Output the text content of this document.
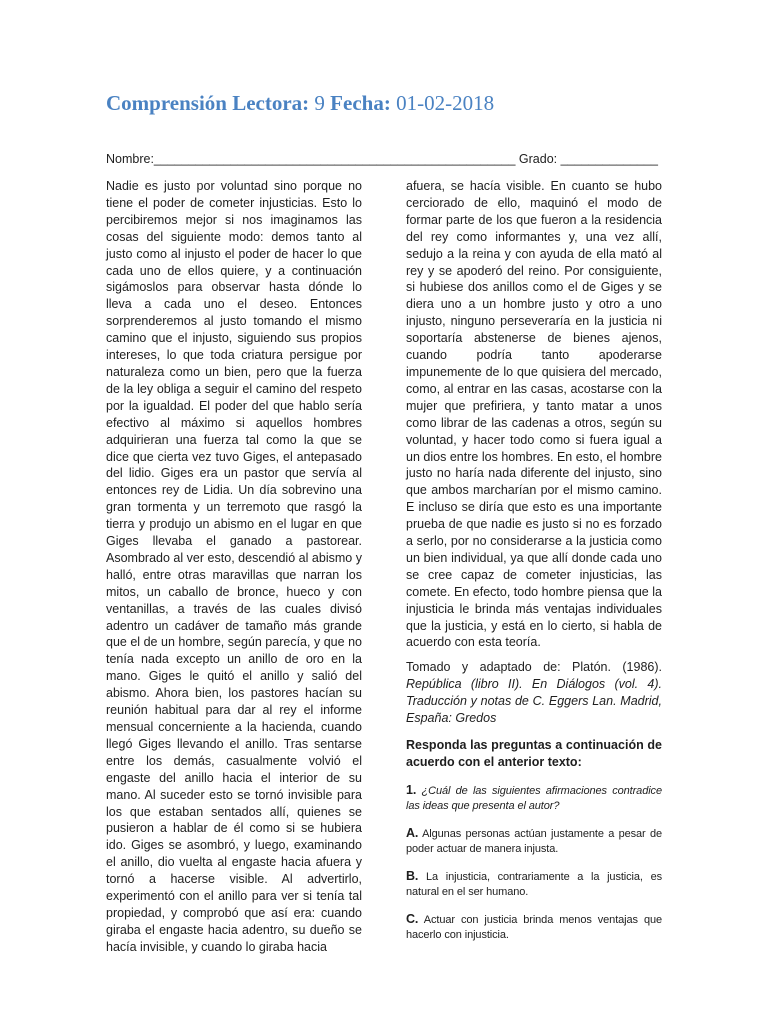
Comprensión Lectora: 9 Fecha: 01-02-2018

Nombre:____________________________________________________ Grado: ______________

Nadie es justo por voluntad sino porque no tiene el poder de cometer injusticias. Esto lo percibiremos mejor si nos imaginamos las cosas del siguiente modo: demos tanto al justo como al injusto el poder de hacer lo que cada uno de ellos quiere, y a continuación sigámoslos para observar hasta dónde lo lleva a cada uno el deseo. Entonces sorprenderemos al justo tomando el mismo camino que el injusto, siguiendo sus propios intereses, lo que toda criatura persigue por naturaleza como un bien, pero que la fuerza de la ley obliga a seguir el camino del respeto por la igualdad. El poder del que hablo sería efectivo al máximo si aquellos hombres adquirieran una fuerza tal como la que se dice que cierta vez tuvo Giges, el antepasado del lidio. Giges era un pastor que servía al entonces rey de Lidia. Un día sobrevino una gran tormenta y un terremoto que rasgó la tierra y produjo un abismo en el lugar en que Giges llevaba el ganado a pastorear. Asombrado al ver esto, descendió al abismo y halló, entre otras maravillas que narran los mitos, un caballo de bronce, hueco y con ventanillas, a través de las cuales divisó adentro un cadáver de tamaño más grande que el de un hombre, según parecía, y que no tenía nada excepto un anillo de oro en la mano. Giges le quitó el anillo y salió del abismo. Ahora bien, los pastores hacían su reunión habitual para dar al rey el informe mensual concerniente a la hacienda, cuando llegó Giges llevando el anillo. Tras sentarse entre los demás, casualmente volvió el engaste del anillo hacia el interior de su mano. Al suceder esto se tornó invisible para los que estaban sentados allí, quienes se pusieron a hablar de él como si se hubiera ido. Giges se asombró, y luego, examinando el anillo, dio vuelta al engaste hacia afuera y tornó a hacerse visible. Al advertirlo, experimentó con el anillo para ver si tenía tal propiedad, y comprobó que así era: cuando giraba el engaste hacia adentro, su dueño se hacía invisible, y cuando lo giraba hacia

afuera, se hacía visible. En cuanto se hubo cerciorado de ello, maquinó el modo de formar parte de los que fueron a la residencia del rey como informantes y, una vez allí, sedujo a la reina y con ayuda de ella mató al rey y se apoderó del reino. Por consiguiente, si hubiese dos anillos como el de Giges y se diera uno a un hombre justo y otro a uno injusto, ninguno perseveraría en la justicia ni soportaría abstenerse de bienes ajenos, cuando podría tanto apoderarse impunemente de lo que quisiera del mercado, como, al entrar en las casas, acostarse con la mujer que prefiriera, y tanto matar a unos como librar de las cadenas a otros, según su voluntad, y hacer todo como si fuera igual a un dios entre los hombres. En esto, el hombre justo no haría nada diferente del injusto, sino que ambos marcharían por el mismo camino. E incluso se diría que esto es una importante prueba de que nadie es justo si no es forzado a serlo, por no considerarse a la justicia como un bien individual, ya que allí donde cada uno se cree capaz de cometer injusticias, las comete. En efecto, todo hombre piensa que la injusticia le brinda más ventajas individuales que la justicia, y está en lo cierto, si habla de acuerdo con esta teoría.

Tomado y adaptado de: Platón. (1986). República (libro II). En Diálogos (vol. 4). Traducción y notas de C. Eggers Lan. Madrid, España: Gredos

Responda las preguntas a continuación de acuerdo con el anterior texto:

1. ¿Cuál de las siguientes afirmaciones contradice las ideas que presenta el autor?

A. Algunas personas actúan justamente a pesar de poder actuar de manera injusta.

B. La injusticia, contrariamente a la justicia, es natural en el ser humano.

C. Actuar con justicia brinda menos ventajas que hacerlo con injusticia.
